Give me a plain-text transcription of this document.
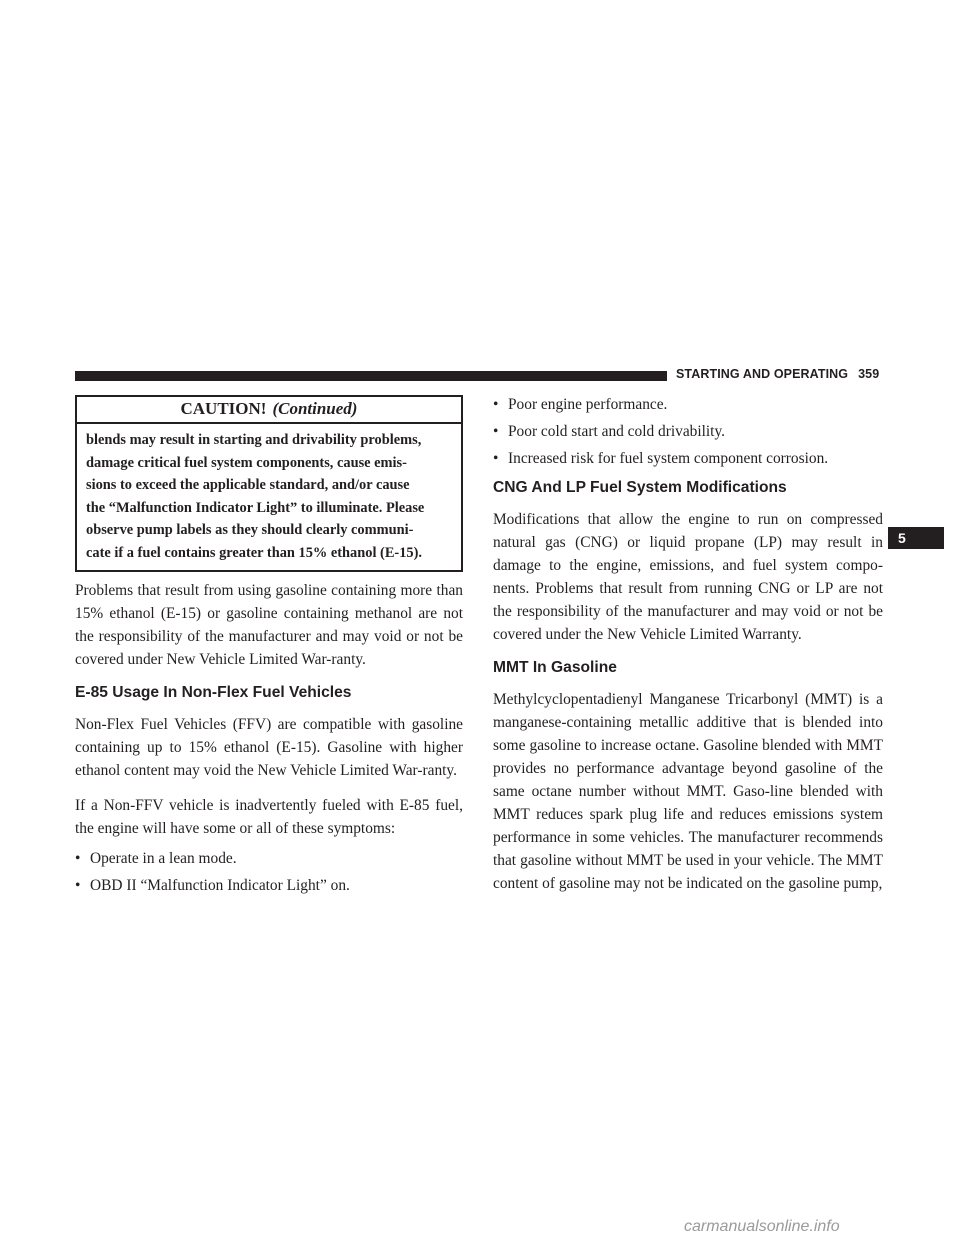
STARTING AND OPERATING 359
CAUTION! (Continued)
blends may result in starting and drivability problems,
damage critical fuel system components, cause emis-
sions to exceed the applicable standard, and/or cause
the “Malfunction Indicator Light” to illuminate. Please
observe pump labels as they should clearly communi-
cate if a fuel contains greater than 15% ethanol (E-15).

Problems that result from using gasoline containing more than 15% ethanol (E-15) or gasoline containing methanol are not the responsibility of the manufacturer and may void or not be covered under New Vehicle Limited War-ranty.

E-85 Usage In Non-Flex Fuel Vehicles

Non-Flex Fuel Vehicles (FFV) are compatible with gasoline containing up to 15% ethanol (E-15). Gasoline with higher ethanol content may void the New Vehicle Limited War-ranty.

If a Non-FFV vehicle is inadvertently fueled with E-85 fuel, the engine will have some or all of these symptoms:

• Operate in a lean mode.
• OBD II “Malfunction Indicator Light” on.
• Poor engine performance.
• Poor cold start and cold drivability.
• Increased risk for fuel system component corrosion.
CNG And LP Fuel System Modifications

Modifications that allow the engine to run on compressed natural gas (CNG) or liquid propane (LP) may result in damage to the engine, emissions, and fuel system compo-nents. Problems that result from running CNG or LP are not the responsibility of the manufacturer and may void or not be covered under the New Vehicle Limited Warranty.

MMT In Gasoline

Methylcyclopentadienyl Manganese Tricarbonyl (MMT) is a manganese-containing metallic additive that is blended into some gasoline to increase octane. Gasoline blended with MMT provides no performance advantage beyond gasoline of the same octane number without MMT. Gaso-line blended with MMT reduces spark plug life and reduces emissions system performance in some vehicles. The manufacturer recommends that gasoline without MMT be used in your vehicle. The MMT content of gasoline may not be indicated on the gasoline pump,

5
carmanualsonline.info
